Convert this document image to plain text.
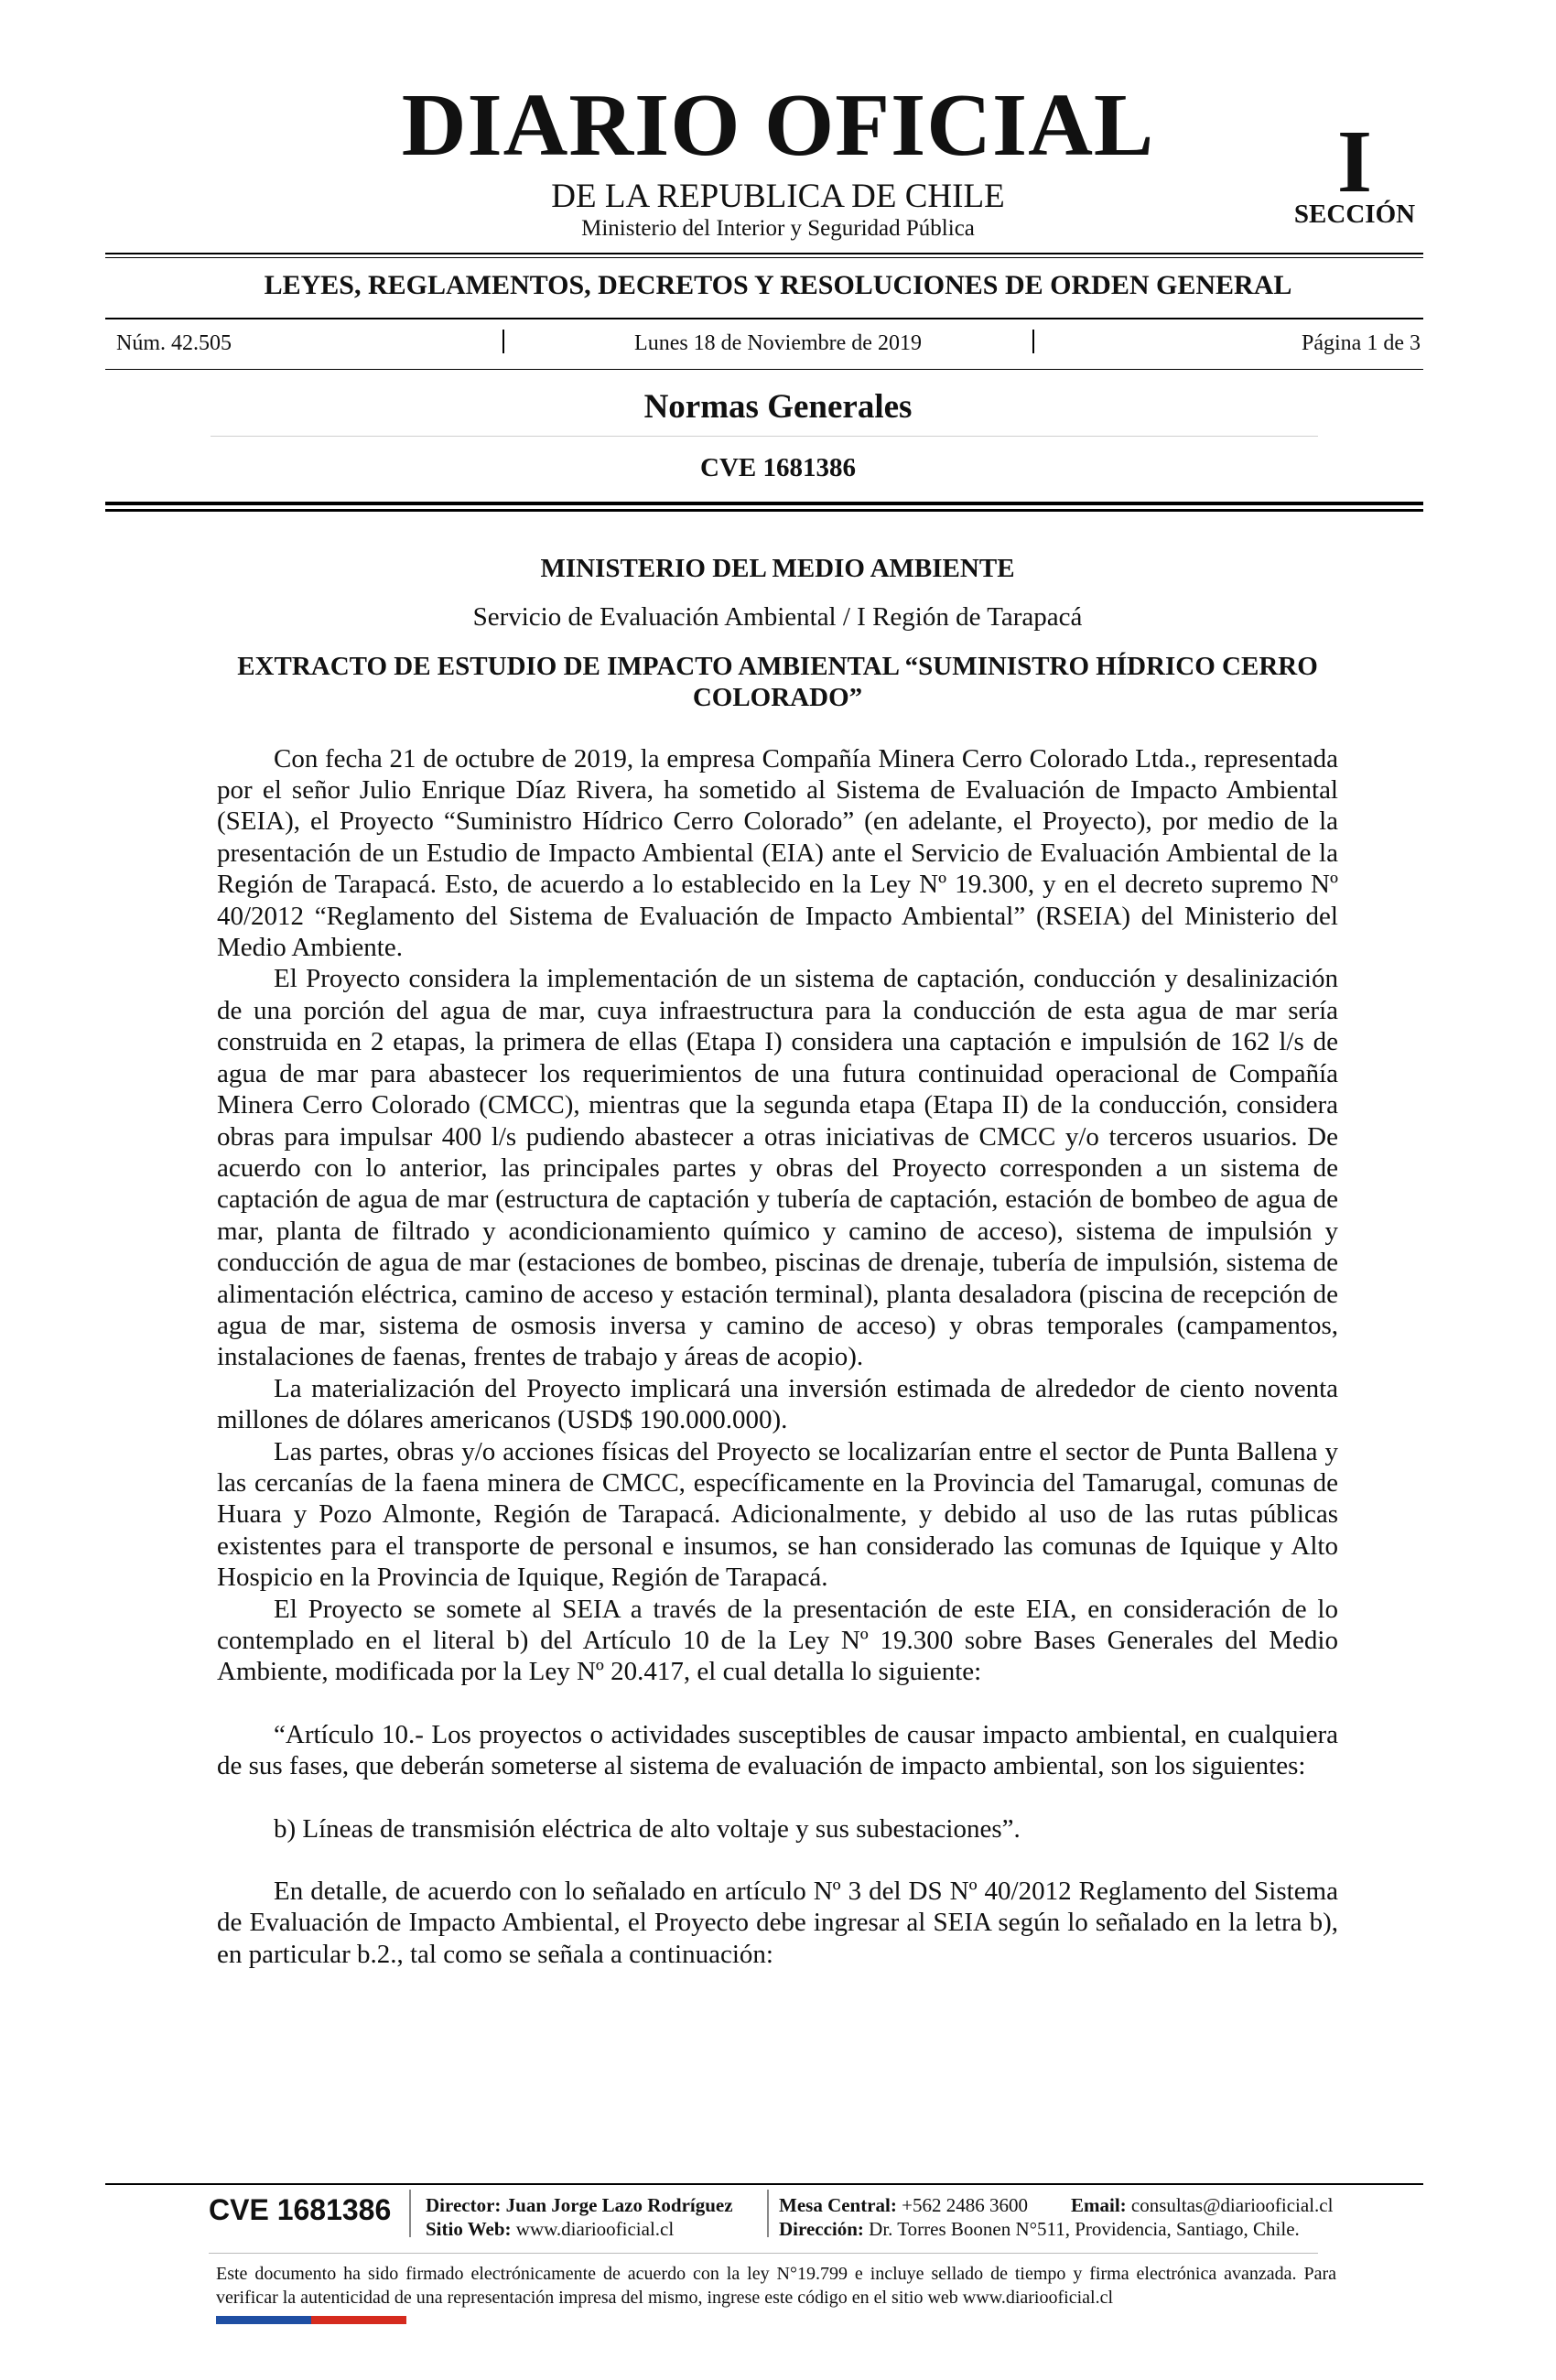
DIARIO OFICIAL
DE LA REPUBLICA DE CHILE
Ministerio del Interior y Seguridad Pública
I
SECCIÓN
LEYES, REGLAMENTOS, DECRETOS Y RESOLUCIONES DE ORDEN GENERAL
Núm. 42.505	Lunes 18 de Noviembre de 2019	Página 1 de 3
Normas Generales
CVE 1681386
MINISTERIO DEL MEDIO AMBIENTE
Servicio de Evaluación Ambiental / I Región de Tarapacá
EXTRACTO DE ESTUDIO DE IMPACTO AMBIENTAL “SUMINISTRO HÍDRICO CERRO COLORADO”

Con fecha 21 de octubre de 2019, la empresa Compañía Minera Cerro Colorado Ltda., representada por el señor Julio Enrique Díaz Rivera, ha sometido al Sistema de Evaluación de Impacto Ambiental (SEIA), el Proyecto “Suministro Hídrico Cerro Colorado” (en adelante, el Proyecto), por medio de la presentación de un Estudio de Impacto Ambiental (EIA) ante el Servicio de Evaluación Ambiental de la Región de Tarapacá. Esto, de acuerdo a lo establecido en la Ley Nº 19.300, y en el decreto supremo Nº 40/2012 “Reglamento del Sistema de Evaluación de Impacto Ambiental” (RSEIA) del Ministerio del Medio Ambiente.

El Proyecto considera la implementación de un sistema de captación, conducción y desalinización de una porción del agua de mar, cuya infraestructura para la conducción de esta agua de mar sería construida en 2 etapas, la primera de ellas (Etapa I) considera una captación e impulsión de 162 l/s de agua de mar para abastecer los requerimientos de una futura continuidad operacional de Compañía Minera Cerro Colorado (CMCC), mientras que la segunda etapa (Etapa II) de la conducción, considera obras para impulsar 400 l/s pudiendo abastecer a otras iniciativas de CMCC y/o terceros usuarios. De acuerdo con lo anterior, las principales partes y obras del Proyecto corresponden a un sistema de captación de agua de mar (estructura de captación y tubería de captación, estación de bombeo de agua de mar, planta de filtrado y acondicionamiento químico y camino de acceso), sistema de impulsión y conducción de agua de mar (estaciones de bombeo, piscinas de drenaje, tubería de impulsión, sistema de alimentación eléctrica, camino de acceso y estación terminal), planta desaladora (piscina de recepción de agua de mar, sistema de osmosis inversa y camino de acceso) y obras temporales (campamentos, instalaciones de faenas, frentes de trabajo y áreas de acopio).

La materialización del Proyecto implicará una inversión estimada de alrededor de ciento noventa millones de dólares americanos (USD$ 190.000.000).

Las partes, obras y/o acciones físicas del Proyecto se localizarían entre el sector de Punta Ballena y las cercanías de la faena minera de CMCC, específicamente en la Provincia del Tamarugal, comunas de Huara y Pozo Almonte, Región de Tarapacá. Adicionalmente, y debido al uso de las rutas públicas existentes para el transporte de personal e insumos, se han considerado las comunas de Iquique y Alto Hospicio en la Provincia de Iquique, Región de Tarapacá.

El Proyecto se somete al SEIA a través de la presentación de este EIA, en consideración de lo contemplado en el literal b) del Artículo 10 de la Ley Nº 19.300 sobre Bases Generales del Medio Ambiente, modificada por la Ley Nº 20.417, el cual detalla lo siguiente:

“Artículo 10.- Los proyectos o actividades susceptibles de causar impacto ambiental, en cualquiera de sus fases, que deberán someterse al sistema de evaluación de impacto ambiental, son los siguientes:

b) Líneas de transmisión eléctrica de alto voltaje y sus subestaciones”.

En detalle, de acuerdo con lo señalado en artículo Nº 3 del DS Nº 40/2012 Reglamento del Sistema de Evaluación de Impacto Ambiental, el Proyecto debe ingresar al SEIA según lo señalado en la letra b), en particular b.2., tal como se señala a continuación:

CVE 1681386 Director: Juan Jorge Lazo Rodríguez
Sitio Web: www.diariooficial.cl
Mesa Central: +562 2486 3600 Email: consultas@diariooficial.cl
Dirección: Dr. Torres Boonen N°511, Providencia, Santiago, Chile.
Este documento ha sido firmado electrónicamente de acuerdo con la ley N°19.799 e incluye sellado de tiempo y firma electrónica avanzada. Para verificar la autenticidad de una representación impresa del mismo, ingrese este código en el sitio web www.diariooficial.cl
